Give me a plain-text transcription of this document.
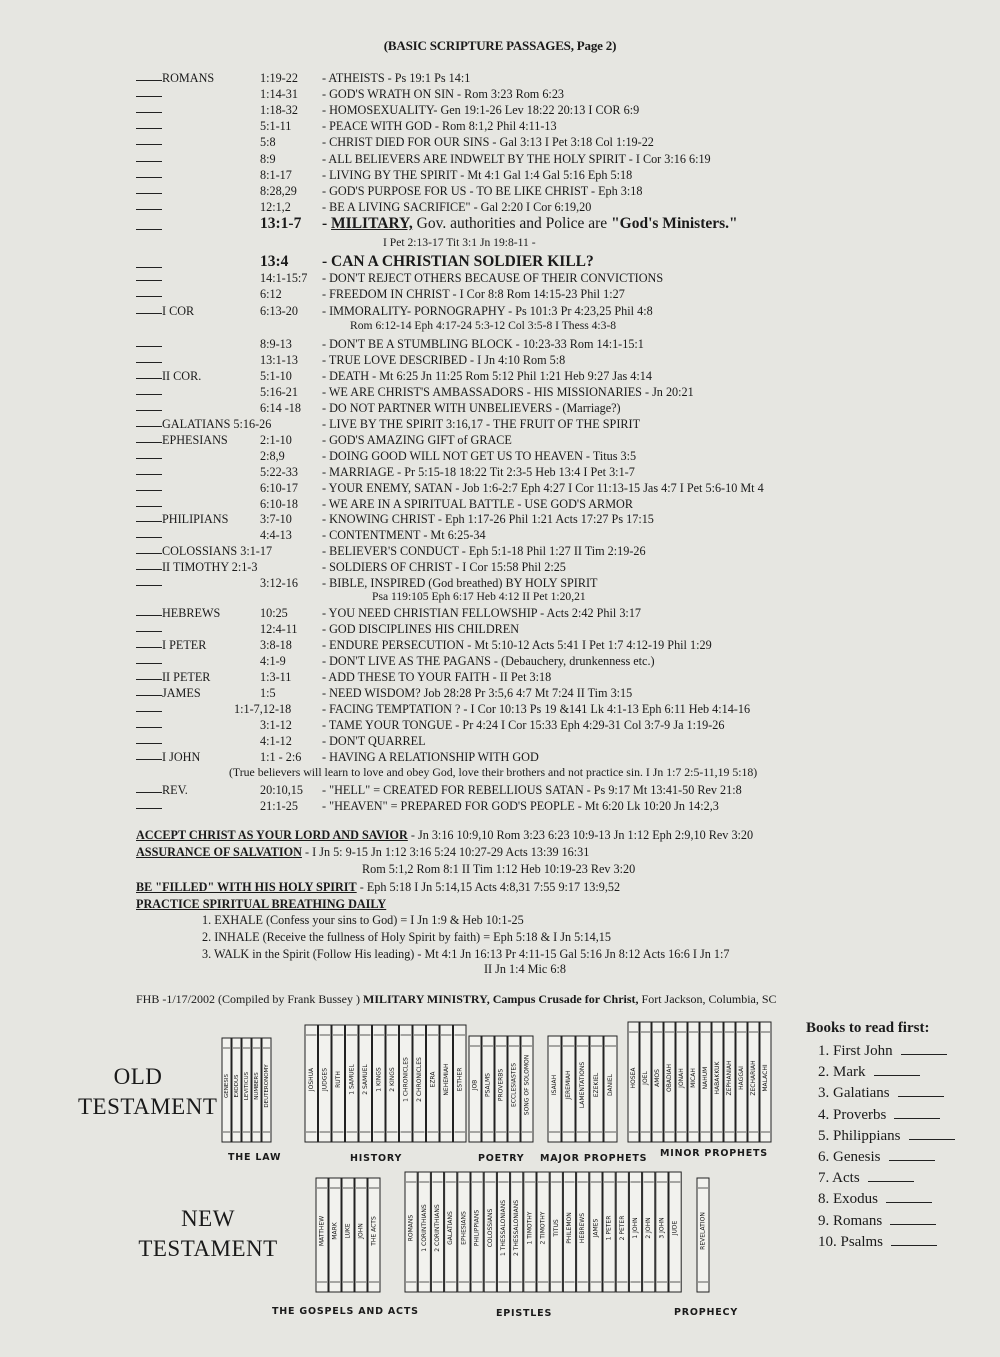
(BASIC SCRIPTURE PASSAGES, Page 2)
ROMANS	1:19-22 - ATHEISTS - Ps 19:1 Ps 14:1
1:14-31 - GOD'S WRATH ON SIN - Rom 3:23 Rom 6:23
1:18-32 - HOMOSEXUALITY- Gen 19:1-26 Lev 18:22 20:13 I COR 6:9
5:1-11	- PEACE WITH GOD - Rom 8:1,2 Phil 4:11-13
5:8	- CHRIST DIED FOR OUR SINS - Gal 3:13 I Pet 3:18 Col 1:19-22
8:9	- ALL BELIEVERS ARE INDWELT BY THE HOLY SPIRIT - I Cor 3:16 6:19
8:1-17 - LIVING BY THE SPIRIT - Mt 4:1 Gal 1:4 Gal 5:16 Eph 5:18
8:28,29 - GOD'S PURPOSE FOR US - TO BE LIKE CHRIST - Eph 3:18
12:1,2	- BE A LIVING SACRIFICE" - Gal 2:20 I Cor 6:19,20
13:1-7 - MILITARY, Gov. authorities and Police are "God's Ministers."
I Pet 2:13-17 Tit 3:1 Jn 19:8-11 -
13:4 - CAN A CHRISTIAN SOLDIER KILL?
14:1-15:7 - DON'T REJECT OTHERS BECAUSE OF THEIR CONVICTIONS
6:12	- FREEDOM IN CHRIST - I Cor 8:8 Rom 14:15-23 Phil 1:27
I COR	6:13-20 - IMMORALITY- PORNOGRAPHY - Ps 101:3 Pr 4:23,25 Phil 4:8
Rom 6:12-14 Eph 4:17-24 5:3-12 Col 3:5-8 I Thess 4:3-8
8:9-13 - DON'T BE A STUMBLING BLOCK - 10:23-33 Rom 14:1-15:1
13:1-13 - TRUE LOVE DESCRIBED - I Jn 4:10 Rom 5:8
II COR.	5:1-10 - DEATH - Mt 6:25 Jn 11:25 Rom 5:12 Phil 1:21 Heb 9:27 Jas 4:14
5:16-21 - WE ARE CHRIST'S AMBASSADORS - HIS MISSIONARIES - Jn 20:21
6:14 -18 - DO NOT PARTNER WITH UNBELIEVERS - (Marriage?)
GALATIANS 5:16-26	- LIVE BY THE SPIRIT 3:16,17 - THE FRUIT OF THE SPIRIT
EPHESIANS	2:1-10 - GOD'S AMAZING GIFT of GRACE
2:8,9	- DOING GOOD WILL NOT GET US TO HEAVEN - Titus 3:5
5:22-33 - MARRIAGE - Pr 5:15-18 18:22 Tit 2:3-5 Heb 13:4 I Pet 3:1-7
6:10-17 - YOUR ENEMY, SATAN - Job 1:6-2:7 Eph 4:27 I Cor 11:13-15 Jas 4:7 I Pet 5:6-10 Mt 4
6:10-18 - WE ARE IN A SPIRITUAL BATTLE - USE GOD'S ARMOR
PHILIPIANS	3:7-10 - KNOWING CHRIST - Eph 1:17-26 Phil 1:21 Acts 17:27 Ps 17:15
4:4-13 - CONTENTMENT - Mt 6:25-34
COLOSSIANS 3:1-17	- BELIEVER'S CONDUCT - Eph 5:1-18 Phil 1:27 II Tim 2:19-26
II TIMOTHY 2:1-3	- SOLDIERS OF CHRIST - I Cor 15:58 Phil 2:25
3:12-16 - BIBLE, INSPIRED (God breathed) BY HOLY SPIRIT
Psa 119:105 Eph 6:17 Heb 4:12 II Pet 1:20,21
HEBREWS	10:25	- YOU NEED CHRISTIAN FELLOWSHIP - Acts 2:42 Phil 3:17
12:4-11 - GOD DISCIPLINES HIS CHILDREN
I PETER	3:8-18 - ENDURE PERSECUTION - Mt 5:10-12 Acts 5:41 I Pet 1:7 4:12-19 Phil 1:29
4:1-9	- DON'T LIVE AS THE PAGANS - (Debauchery, drunkenness etc.)
II PETER	1:3-11	- ADD THESE TO YOUR FAITH - II Pet 3:18
JAMES	1:5	- NEED WISDOM? Job 28:28 Pr 3:5,6 4:7 Mt 7:24 II Tim 3:15
1:1-7,12-18	- FACING TEMPTATION ? - I Cor 10:13 Ps 19 &141 Lk 4:1-13 Eph 6:11 Heb 4:14-16
3:1-12 - TAME YOUR TONGUE - Pr 4:24 I Cor 15:33 Eph 4:29-31 Col 3:7-9 Ja 1:19-26
4:1-12 - DON'T QUARREL
I JOHN	1:1 - 2:6 - HAVING A RELATIONSHIP WITH GOD
(True believers will learn to love and obey God, love their brothers and not practice sin. I Jn 1:7 2:5-11,19 5:18)
REV.	20:10,15 - "HELL" = CREATED FOR REBELLIOUS SATAN - Ps 9:17 Mt 13:41-50 Rev 21:8
21:1-25 - "HEAVEN" = PREPARED FOR GOD'S PEOPLE - Mt 6:20 Lk 10:20 Jn 14:2,3
ACCEPT CHRIST AS YOUR LORD AND SAVIOR - Jn 3:16 10:9,10 Rom 3:23 6:23 10:9-13 Jn 1:12 Eph 2:9,10 Rev 3:20
ASSURANCE OF SALVATION - I Jn 5: 9-15 Jn 1:12 3:16 5:24 10:27-29 Acts 13:39 16:31
Rom 5:1,2 Rom 8:1 II Tim 1:12 Heb 10:19-23 Rev 3:20
BE "FILLED" WITH HIS HOLY SPIRIT - Eph 5:18 I Jn 5:14,15 Acts 4:8,31 7:55 9:17 13:9,52
PRACTICE SPIRITUAL BREATHING DAILY
1. EXHALE (Confess your sins to God) = I Jn 1:9 & Heb 10:1-25
2. INHALE (Receive the fullness of Holy Spirit by faith) = Eph 5:18 & I Jn 5:14,15
3. WALK in the Spirit (Follow His leading) - Mt 4:1 Jn 16:13 Pr 4:11-15 Gal 5:16 Jn 8:12 Acts 16:6 I Jn 1:7
II Jn 1:4 Mic 6:8
FHB -1/17/2002 (Compiled by Frank Bussey ) MILITARY MINISTRY, Campus Crusade for Christ, Fort Jackson, Columbia, SC
OLD
TESTAMENT
NEW
TESTAMENT
GENESIS EXODUS LEVITICUS NUMBERS DEUTERONOMY	JOSHUA JUDGES RUTH 1 SAMUEL 2 SAMUEL 1 KINGS 2 KINGS 1 CHRONICLES 2 CHRONICLES EZRA NEHEMIAH ESTHER JOB PSALMS PROVERBS ECCLESIASTES SONG OF SOLOMON	ISAIAH JEREMIAH LAMENTATIONS EZEKIEL DANIEL	HOSEA JOEL AMOS OBADIAH JONAH MICAH NAHUM HABAKKUK ZEPHANIAH HAGGAI ZECHARIAH MALACHI
MATTHEW MARK LUKE JOHN THE ACTS	ROMANS 1 CORINTHIANS 2 CORINTHIANS GALATIANS EPHESIANS PHILIPPIANS COLOSSIANS 1 THESSALONIANS 2 THESSALONIANS 1 TIMOTHY 2 TIMOTHY TITUS PHILEMON HEBREWS JAMES 1 PETER 2 PETER 1 JOHN 2 JOHN 3 JOHN JUDE	REVELATION
THE LAW	HISTORY	POETRY MAJOR PROPHETS MINOR PROPHETS
THE GOSPELS AND ACTS	EPISTLES	PROPHECY
Books to read first:
1. First John
2. Mark
3. Galatians
4. Proverbs
5. Philippians
6. Genesis
7. Acts
8. Exodus
9. Romans
10. Psalms
